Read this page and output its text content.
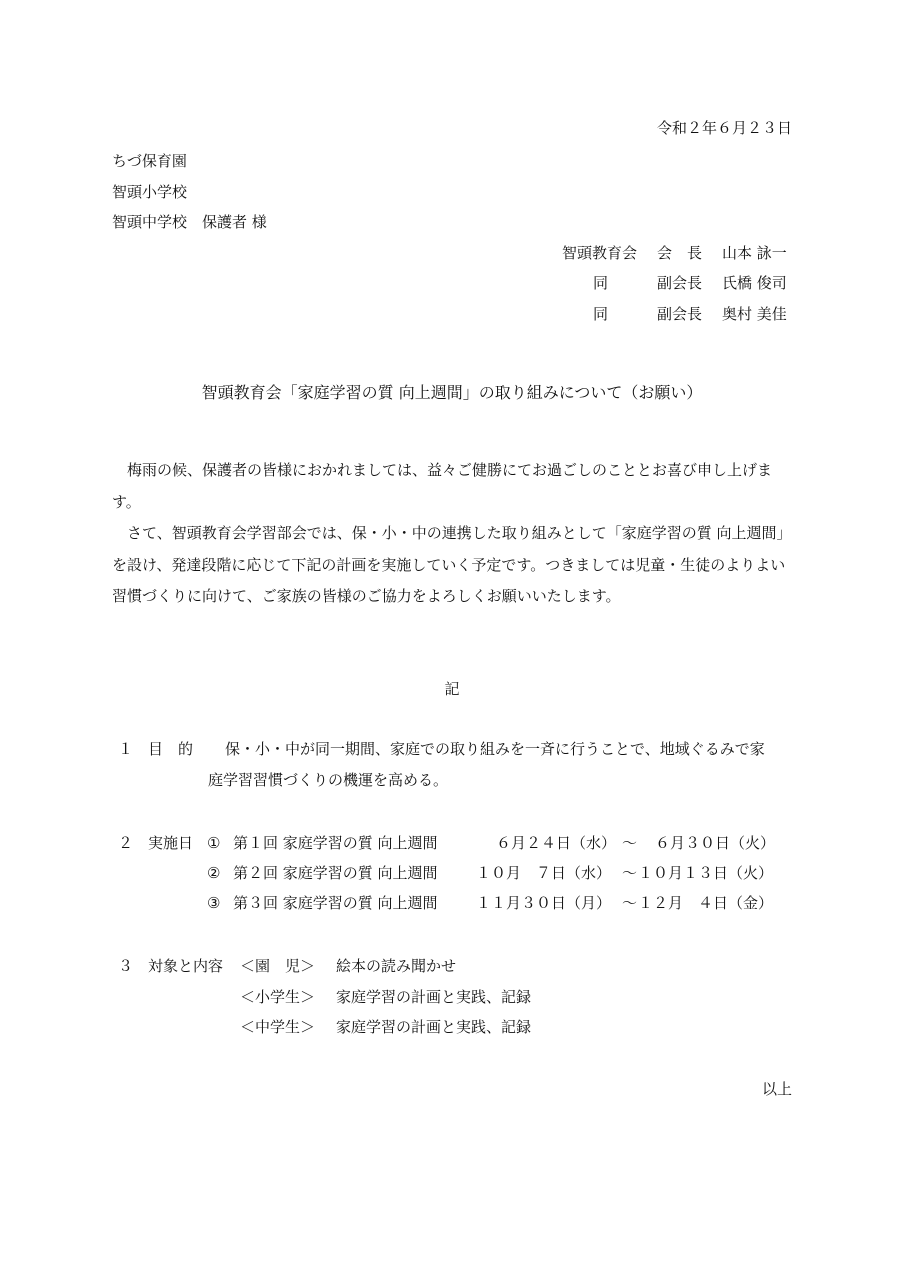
令和２年６月２３日
ちづ保育園
智頭小学校
智頭中学校　保護者 様
智頭教育会 会　長 山本 詠一
同	副会長 氏橋 俊司
同	副会長 奥村 美佳
智頭教育会「家庭学習の質 向上週間」の取り組みについて（お願い）
　梅雨の候、保護者の皆様におかれましては、益々ご健勝にてお過ごしのこととお喜び申し上げます。
　さて、智頭教育会学習部会では、保・小・中の連携した取り組みとして「家庭学習の質 向上週間」を設け、発達段階に応じて下記の計画を実施していく予定です。つきましては児童・生徒のよりよい習慣づくりに向けて、ご家族の皆様のご協力をよろしくお願いいたします。
記
１　目　的 保・小・中が同一期間、家庭での取り組みを一斉に行うことで、地域ぐるみで家
庭学習習慣づくりの機運を高める。
２　実施日 ① 第１回 家庭学習の質 向上週間	６月２４日（水） ～ ６月３０日（火）
② 第２回 家庭学習の質 向上週間	１０月　７日（水） ～ １０月１３日（火）
③ 第３回 家庭学習の質 向上週間	１１月３０日（月） ～ １２月　４日（金）
３　対象と内容 ＜園　児＞ 絵本の読み聞かせ
＜小学生＞ 家庭学習の計画と実践、記録
＜中学生＞ 家庭学習の計画と実践、記録
以上
